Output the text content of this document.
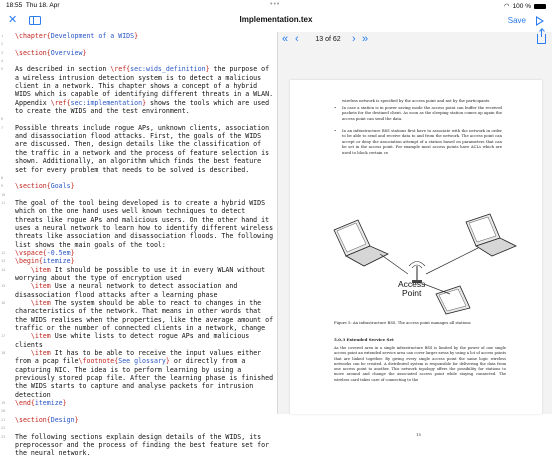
18:55 Thu 18. Apr	•••	◠ 100 %
✕	Implementation.tex	Save
\chapter{Development of a WIDS}
\section{Overview}
As described in section \ref{sec:wids_definition} the purpose of a wireless intrusion detection system is to detect a malicious client in a network. This chapter shows a concept of a hybrid WIDS which is capable of identifying different threats in a WLAN. Appendix \ref{sec:implementation} shows the tools which are used to create the WIDS and the test environment.
Possible threats include rogue APs, unknown clients, association and disassociation flood attacks. First, the goals of the WIDS are discussed. Then, design details like the classification of the traffic in a network and the process of feature selection is shown. Additionally, an algorithm which finds the best feature set for every problem that needs to be solved is described.
\section{Goals}
The goal of the tool being developed is to create a hybrid WIDS which on the one hand uses well known techniques to detect threats like rogue APs and malicious users. On the other hand it uses a neural network to learn how to identify different wireless threats like association and disassociation floods. The following list shows the main goals of the tool:
\vspace{-0.5em}
\begin{itemize}
\item It should be possible to use it in every WLAN without worrying about the type of encryption used
\item Use a neural network to detect association and disassociation flood attacks after a learning phase
\item The system should be able to react to changes in the characteristics of the network. That means in other words that the WIDS realises when the properties, like the average amount of traffic or the number of connected clients in a network, change
\item Use white lists to detect rogue APs and malicious clients
\item It has to be able to receive the input values either from a pcap file\footnote{See glossary} or directly from a capturing NIC. The idea is to perform learning by using a previously stored pcap file. After the learning phase is finished the WIDS starts to capture and analyse packets for intrusion detection
\end{itemize}
\section{Design}
The following sections explain design details of the WIDS, its preprocessor and the process of finding the best feature set for the neural network.
1
2
3
4
5
6
7
8
9
10
11
12
13
14
15
16
17
18
19
20
21
22
23
« ‹	13 of 62	› »
wireless network is specified by the access point and not by the participants
• In case a station is in power saving mode the access point can buffer the received packets for the destined client. As soon as the sleeping station comes up again the access point can send the data.
• In an infrastructure BSS stations first have to associate with the network in order to be able to send and receive data to and from the network. The access point can accept or deny the association attempt of a station based on parameters that can be set in the access point. For example most access points have ACLs which are used to block certain ce
Access
Point
Figure 5: An infrastructure BSS. The access point manages all stations
5.0.3 Extended Service Set
As the covered area in a single infrastructure BSS is limited by the power of one single access point an extended service area can cover larger areas by using a lot of access points that are linked together. By giving every single access point the same logic wireless networks can be created. A distributed system is responsible for delivering the data from one access point to another. This network topology offers the possibility for stations to move around and change the associated access point while staying connected. The wireless card takes care of connecting to the
15
